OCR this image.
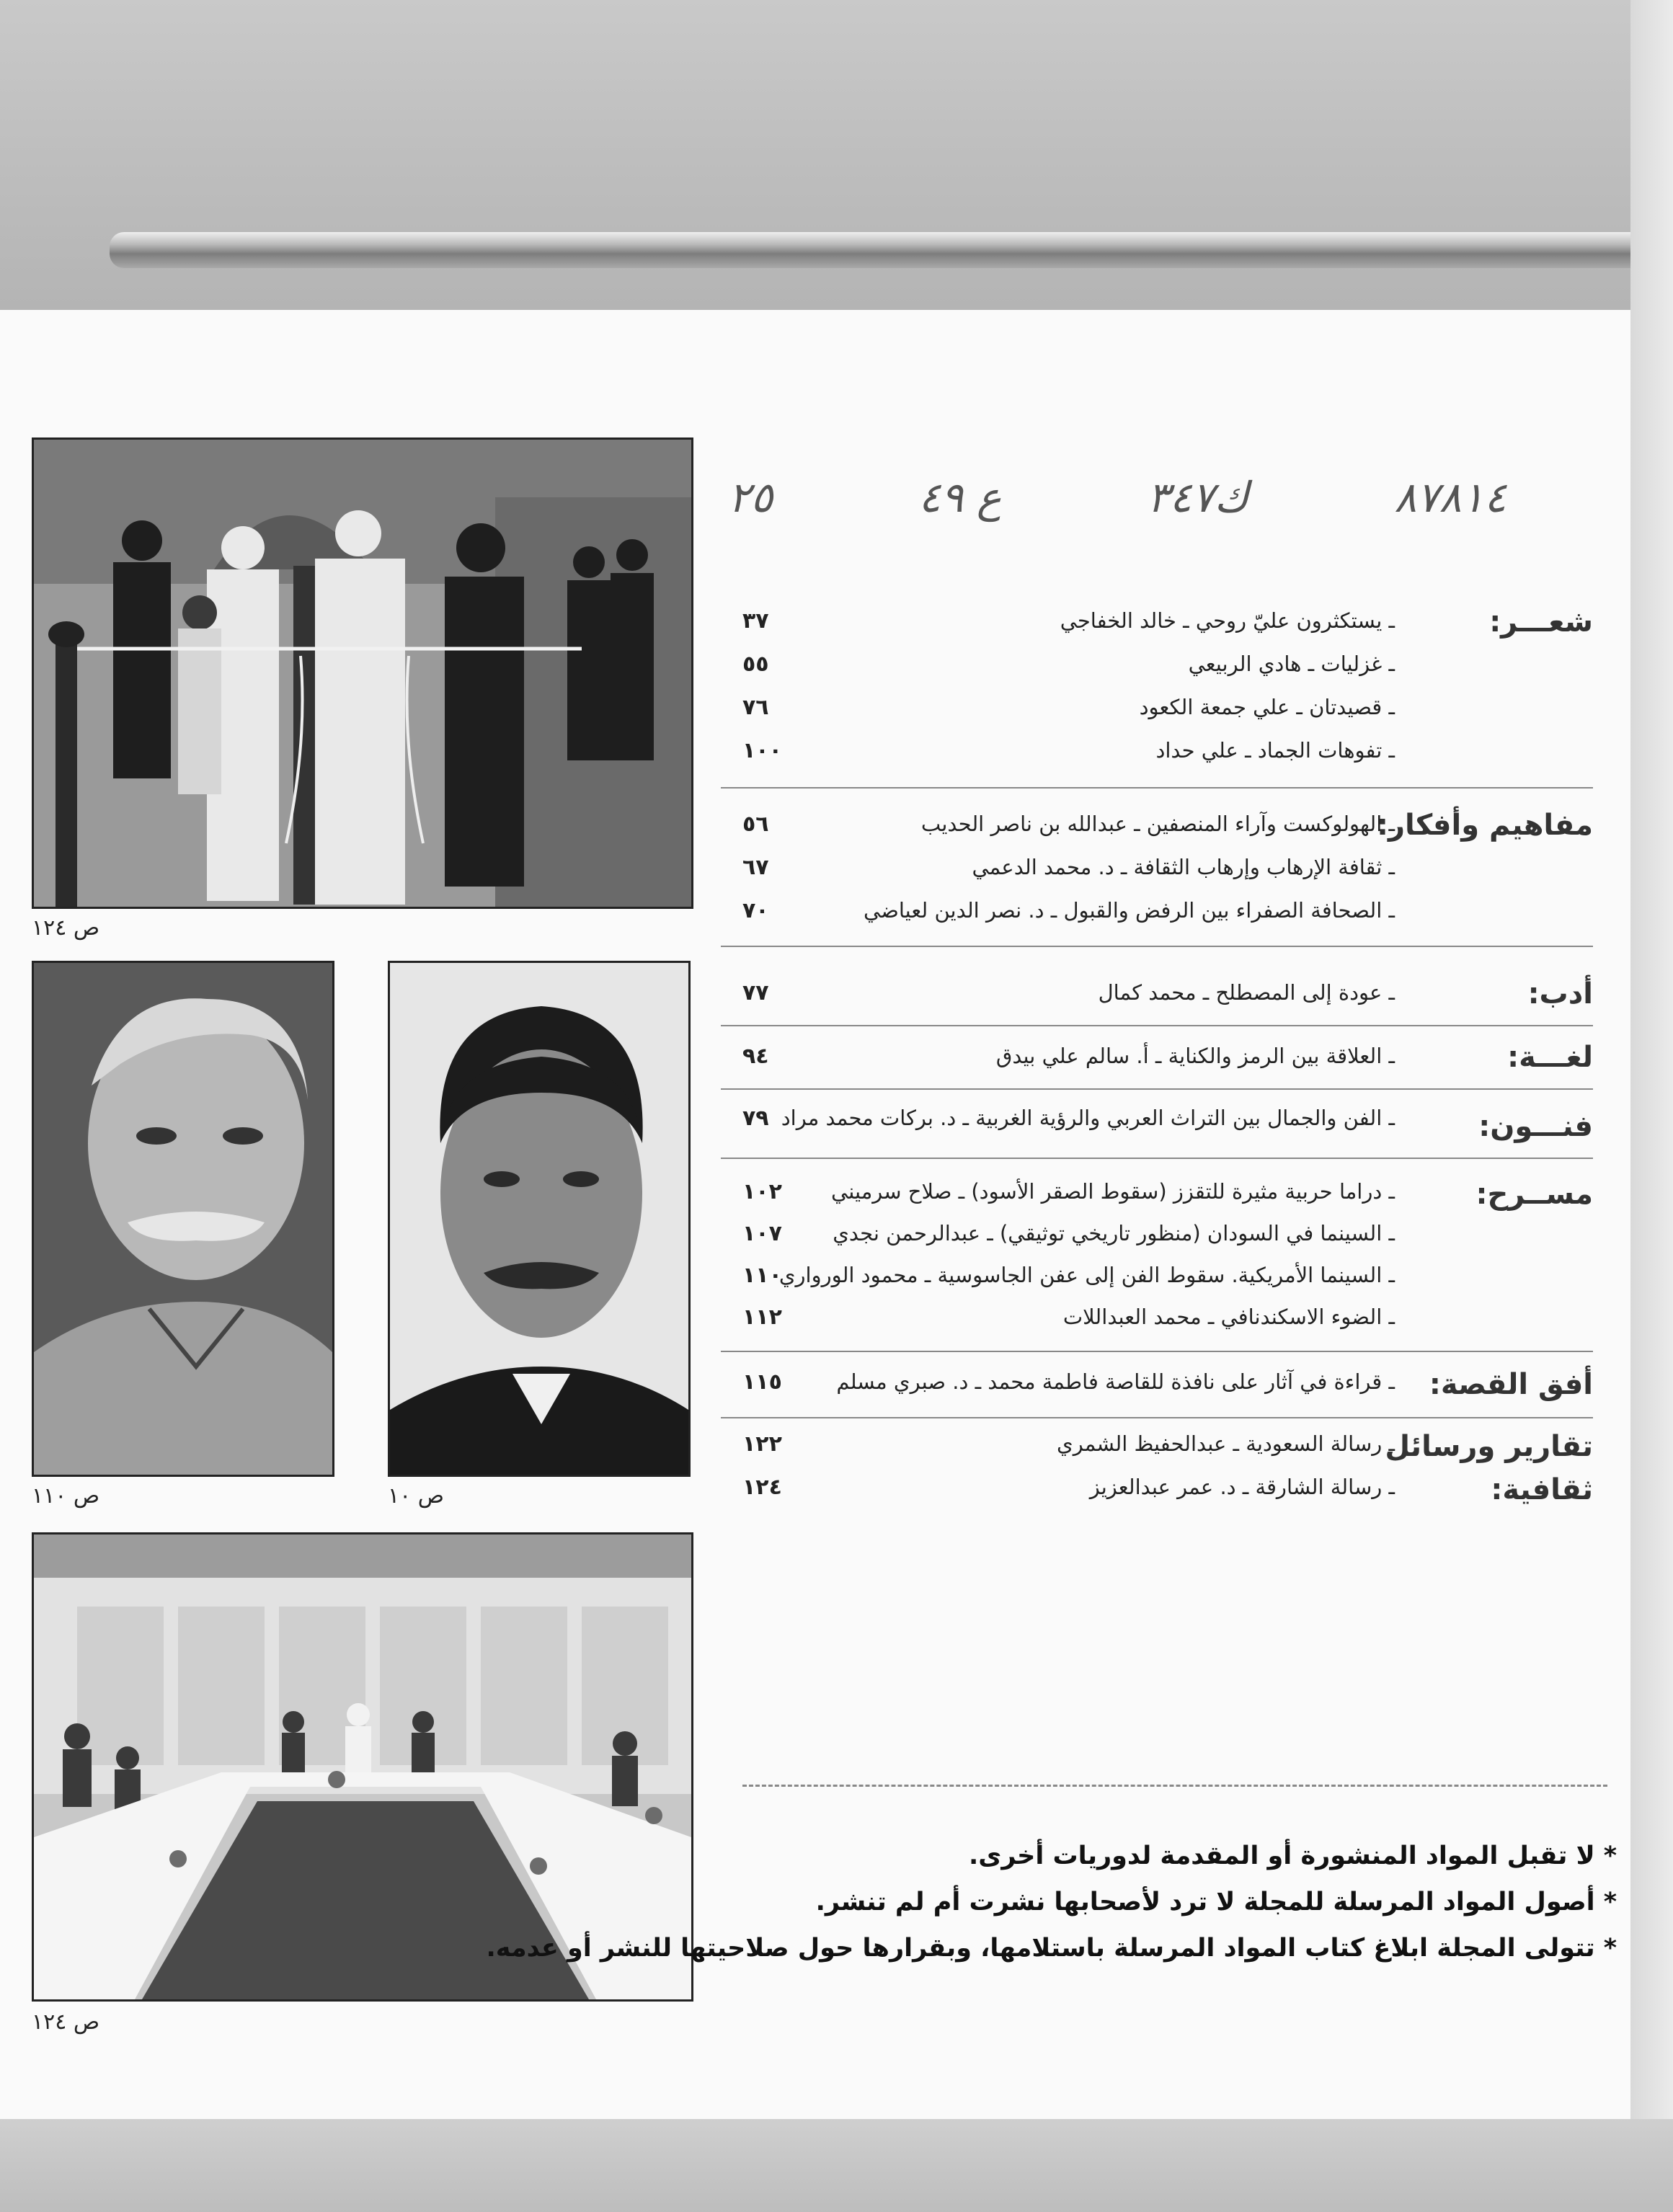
٨٧٨١٤
ك٣٤٧
ع ٤٩
٢٥
ص ١٢٤
ص ١١٠	ص ١٠
ص ١٢٤
شعـــر:
ـ يستكثرون عليّ روحي ـ خالد الخفاجي
٣٧
ـ غزليات ـ هادي الربيعي
٥٥
ـ قصيدتان ـ علي جمعة الكعود
٧٦
ـ تفوهات الجماد ـ علي حداد
١٠٠
مفاهيم وأفكار:
ـ الهولوكست وآراء المنصفين ـ عبدالله بن ناصر الحديب
٥٦
ـ ثقافة الإرهاب وإرهاب الثقافة ـ د. محمد الدعمي
٦٧
ـ الصحافة الصفراء بين الرفض والقبول ـ د. نصر الدين لعياضي
٧٠
أدب:
ـ عودة إلى المصطلح ـ محمد كمال
٧٧
لغـــة:
ـ العلاقة بين الرمز والكناية ـ أ. سالم علي بيدق
٩٤
فنـــون:
ـ الفن والجمال بين التراث العربي والرؤية الغربية ـ د. بركات محمد مراد
٧٩
مســرح:
ـ دراما حربية مثيرة للتقزز (سقوط الصقر الأسود) ـ صلاح سرميني
١٠٢
ـ السينما في السودان (منظور تاريخي توثيقي) ـ عبدالرحمن نجدي
١٠٧
ـ السينما الأمريكية. سقوط الفن إلى عفن الجاسوسية ـ محمود الورواري
١١٠
ـ الضوء الاسكندنافي ـ محمد العبداللات
١١٢
أفق القصة:
ـ قراءة في آثار على نافذة للقاصة فاطمة محمد ـ د. صبري مسلم
١١٥
تقارير ورسائل
ـ رسالة السعودية ـ عبدالحفيظ الشمري
١٢٢
ثقافية:
ـ رسالة الشارقة ـ د. عمر عبدالعزيز
١٢٤
*لا تقبل المواد المنشورة أو المقدمة لدوريات أخرى.
*أصول المواد المرسلة للمجلة لا ترد لأصحابها نشرت أم لم تنشر.
*تتولى المجلة ابلاغ كتاب المواد المرسلة باستلامها، وبقرارها حول صلاحيتها للنشر أو عدمه.
